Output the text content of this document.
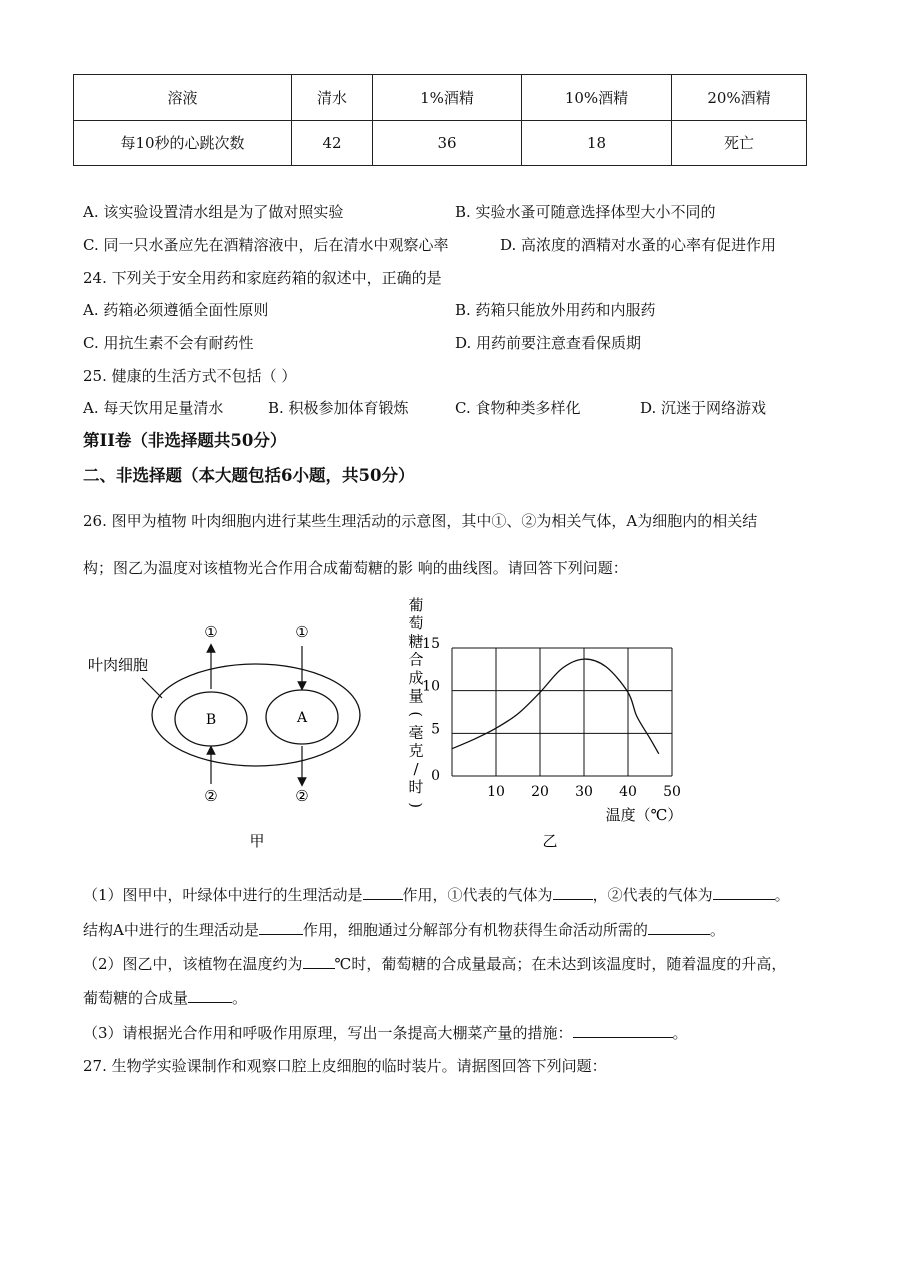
溶液	清水	1%酒精	10%酒精	20%酒精
每10秒的心跳次数	42	36	18	死亡
A. 该实验设置清水组是为了做对照实验	B. 实验水蚤可随意选择体型大小不同的
C. 同一只水蚤应先在酒精溶液中，后在清水中观察心率	D. 高浓度的酒精对水蚤的心率有促进作用
24. 下列关于安全用药和家庭药箱的叙述中，正确的是
A. 药箱必须遵循全面性原则	B. 药箱只能放外用药和内服药
C. 用抗生素不会有耐药性	D. 用药前要注意查看保质期
25. 健康的生活方式不包括（ ）
A. 每天饮用足量清水	B. 积极参加体育锻炼	C. 食物种类多样化	D. 沉迷于网络游戏
第II卷（非选择题共50分）
二、非选择题（本大题包括6小题，共50分）
26. 图甲为植物 叶肉细胞内进行某些生理活动的示意图，其中①、②为相关气体，A为细胞内的相关结
构；图乙为温度对该植物光合作用合成葡萄糖的影 响的曲线图。请回答下列问题：
叶肉细胞
B	A
①	①
②	②
甲
葡
萄
糖
合
成
量
(
毫
克
/
时
)
0
5
10
15
10 20 30 40 50
温度（℃）
乙
（1）图甲中，叶绿体中进行的生理活动是	作用，①代表的气体为	，②代表的气体为	。
结构A中进行的生理活动是	作用，细胞通过分解部分有机物获得生命活动所需的	。
（2）图乙中，该植物在温度约为 ℃时，葡萄糖的合成量最高；在未达到该温度时，随着温度的升高，
葡萄糖的合成量	。
（3）请根据光合作用和呼吸作用原理，写出一条提高大棚菜产量的措施：	。
27. 生物学实验课制作和观察口腔上皮细胞的临时装片。请据图回答下列问题：
